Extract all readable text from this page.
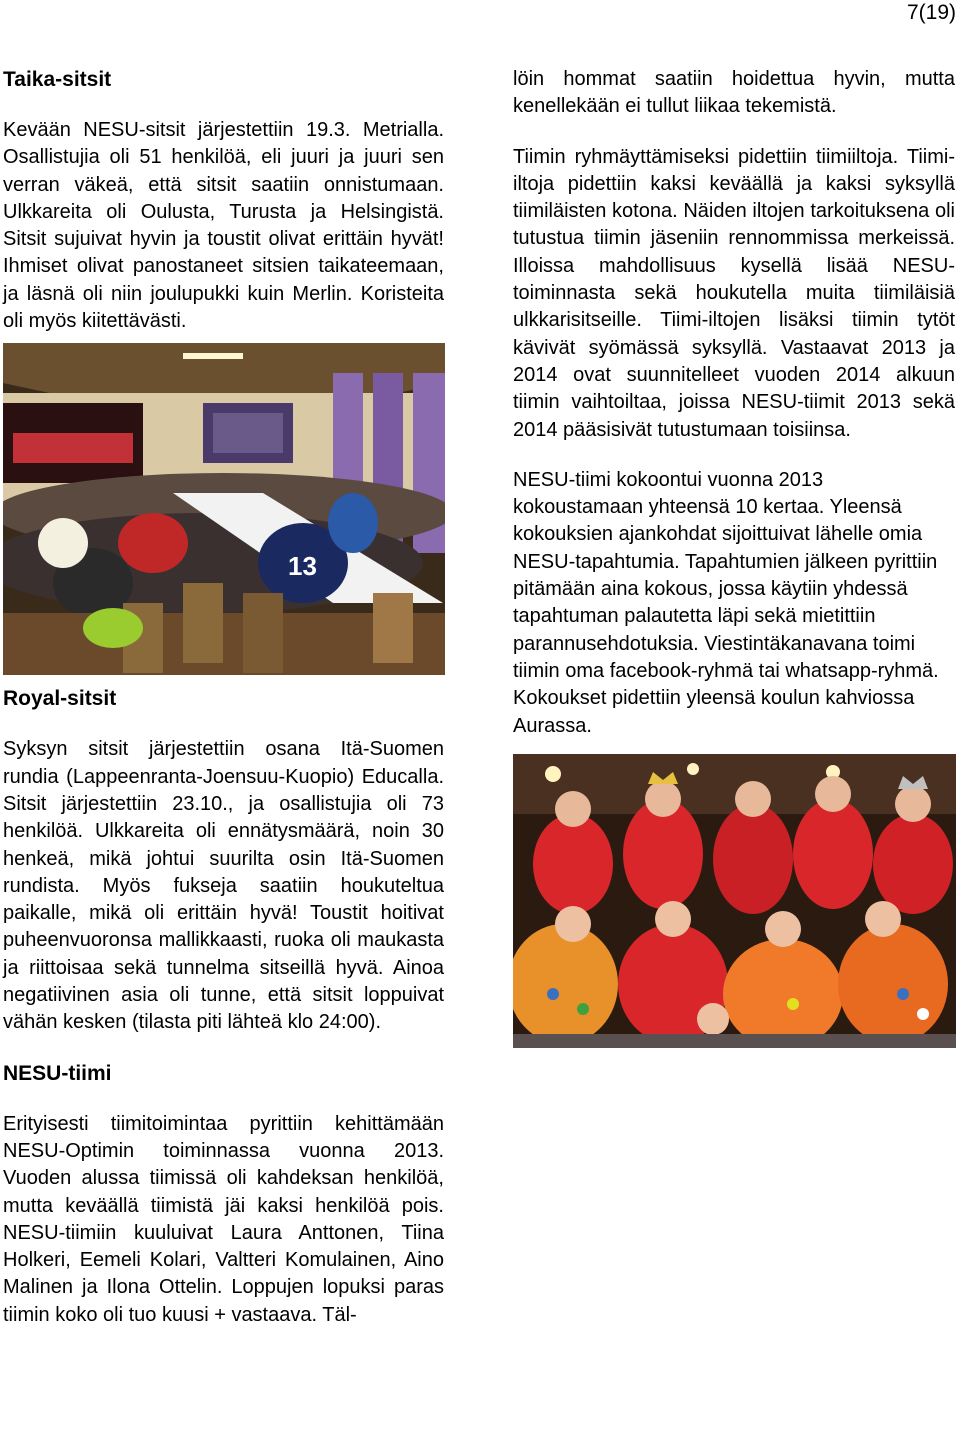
7(19)
Taika-sitsit

Kevään NESU-sitsit järjestettiin 19.3. Metrialla. Osallistujia oli 51 henkilöä, eli juuri ja juuri sen verran väkeä, että sitsit saatiin onnistumaan. Ulkkareita oli Oulusta, Turusta ja Helsingistä. Sitsit sujuivat hyvin ja toustit olivat erittäin hyvät! Ihmiset olivat panostaneet sitsien taikateemaan, ja läsnä oli niin joulupukki kuin Merlin. Koristeita oli myös kiitettävästi.

13
Royal-sitsit

Syksyn sitsit järjestettiin osana Itä-Suomen rundia (Lappeenranta-Joensuu-Kuopio) Educalla. Sitsit järjestettiin 23.10., ja osallistujia oli 73 henkilöä. Ulkkareita oli ennätysmäärä, noin 30 henkeä, mikä johtui suurilta osin Itä-Suomen rundista. Myös fukseja saatiin houkuteltua paikalle, mikä oli erittäin hyvä! Toustit hoitivat puheenvuoronsa mallikkaasti, ruoka oli maukasta ja riittoisaa sekä tunnelma sitseillä hyvä. Ainoa negatiivinen asia oli tunne, että sitsit loppuivat vähän kesken (tilasta piti lähteä klo 24:00).

NESU-tiimi

Erityisesti tiimitoimintaa pyrittiin kehittämään NESU-Optimin toiminnassa vuonna 2013. Vuoden alussa tiimissä oli kahdeksan henkilöä, mutta keväällä tiimistä jäi kaksi henkilöä pois. NESU-tiimiin kuuluivat Laura Anttonen, Tiina Holkeri, Eemeli Kolari, Valtteri Komulainen, Aino Malinen ja Ilona Ottelin. Loppujen lopuksi paras tiimin koko oli tuo kuusi + vastaava. Täl-

löin hommat saatiin hoidettua hyvin, mutta kenellekään ei tullut liikaa tekemistä.

Tiimin ryhmäyttämiseksi pidettiin tiimiiltoja. Tiimi-iltoja pidettiin kaksi keväällä ja kaksi syksyllä tiimiläisten kotona. Näiden iltojen tarkoituksena oli tutustua tiimin jäseniin rennommissa merkeissä. Illoissa mahdollisuus kysellä lisää NESU-toiminnasta sekä houkutella muita tiimiläisiä ulkkarisitseille. Tiimi-iltojen lisäksi tiimin tytöt kävivät syömässä syksyllä. Vastaavat 2013 ja 2014 ovat suunnitelleet vuoden 2014 alkuun tiimin vaihtoiltaa, joissa NESU-tiimit 2013 sekä 2014 pääsisivät tutustumaan toisiinsa.

NESU-tiimi kokoontui vuonna 2013 kokoustamaan yhteensä 10 kertaa. Yleensä kokouksien ajankohdat sijoittuivat lähelle omia NESU-tapahtumia. Tapahtumien jälkeen pyrittiin pitämään aina kokous, jossa käytiin yhdessä tapahtuman palautetta läpi sekä mietittiin parannusehdotuksia. Viestintäkanavana toimi tiimin oma facebook-ryhmä tai whatsapp-ryhmä. Kokoukset pidettiin yleensä koulun kahviossa Aurassa.
